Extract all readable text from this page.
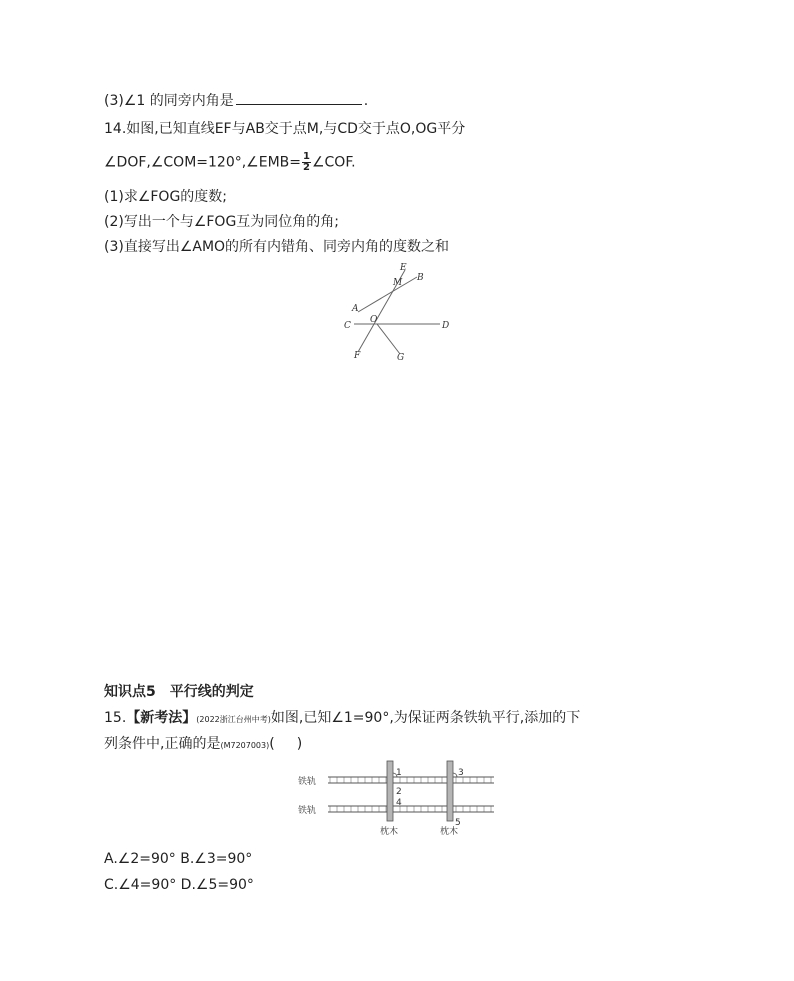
(3)∠1 的同旁内角是	.
14.如图,已知直线EF与AB交于点M,与CD交于点O,OG平分
∠DOF,∠COM=120°,∠EMB= $\frac{1}{2}$ ∠COF.
(1)求∠FOG的度数;
(2)写出一个与∠FOG互为同位角的角;
(3)直接写出∠AMO的所有内错角、同旁内角的度数之和
E
B
M
A
C
O
D
F	G
知识点5　平行线的判定
15.【新考法】(2022浙江台州中考)如图,已知∠1=90°,为保证两条铁轨平行,添加的下
列条件中,正确的是(M7207003)( )
铁轨
铁轨
枕木	枕木
1
2
4
3
5
A.∠2=90° B.∠3=90°
C.∠4=90° D.∠5=90°
